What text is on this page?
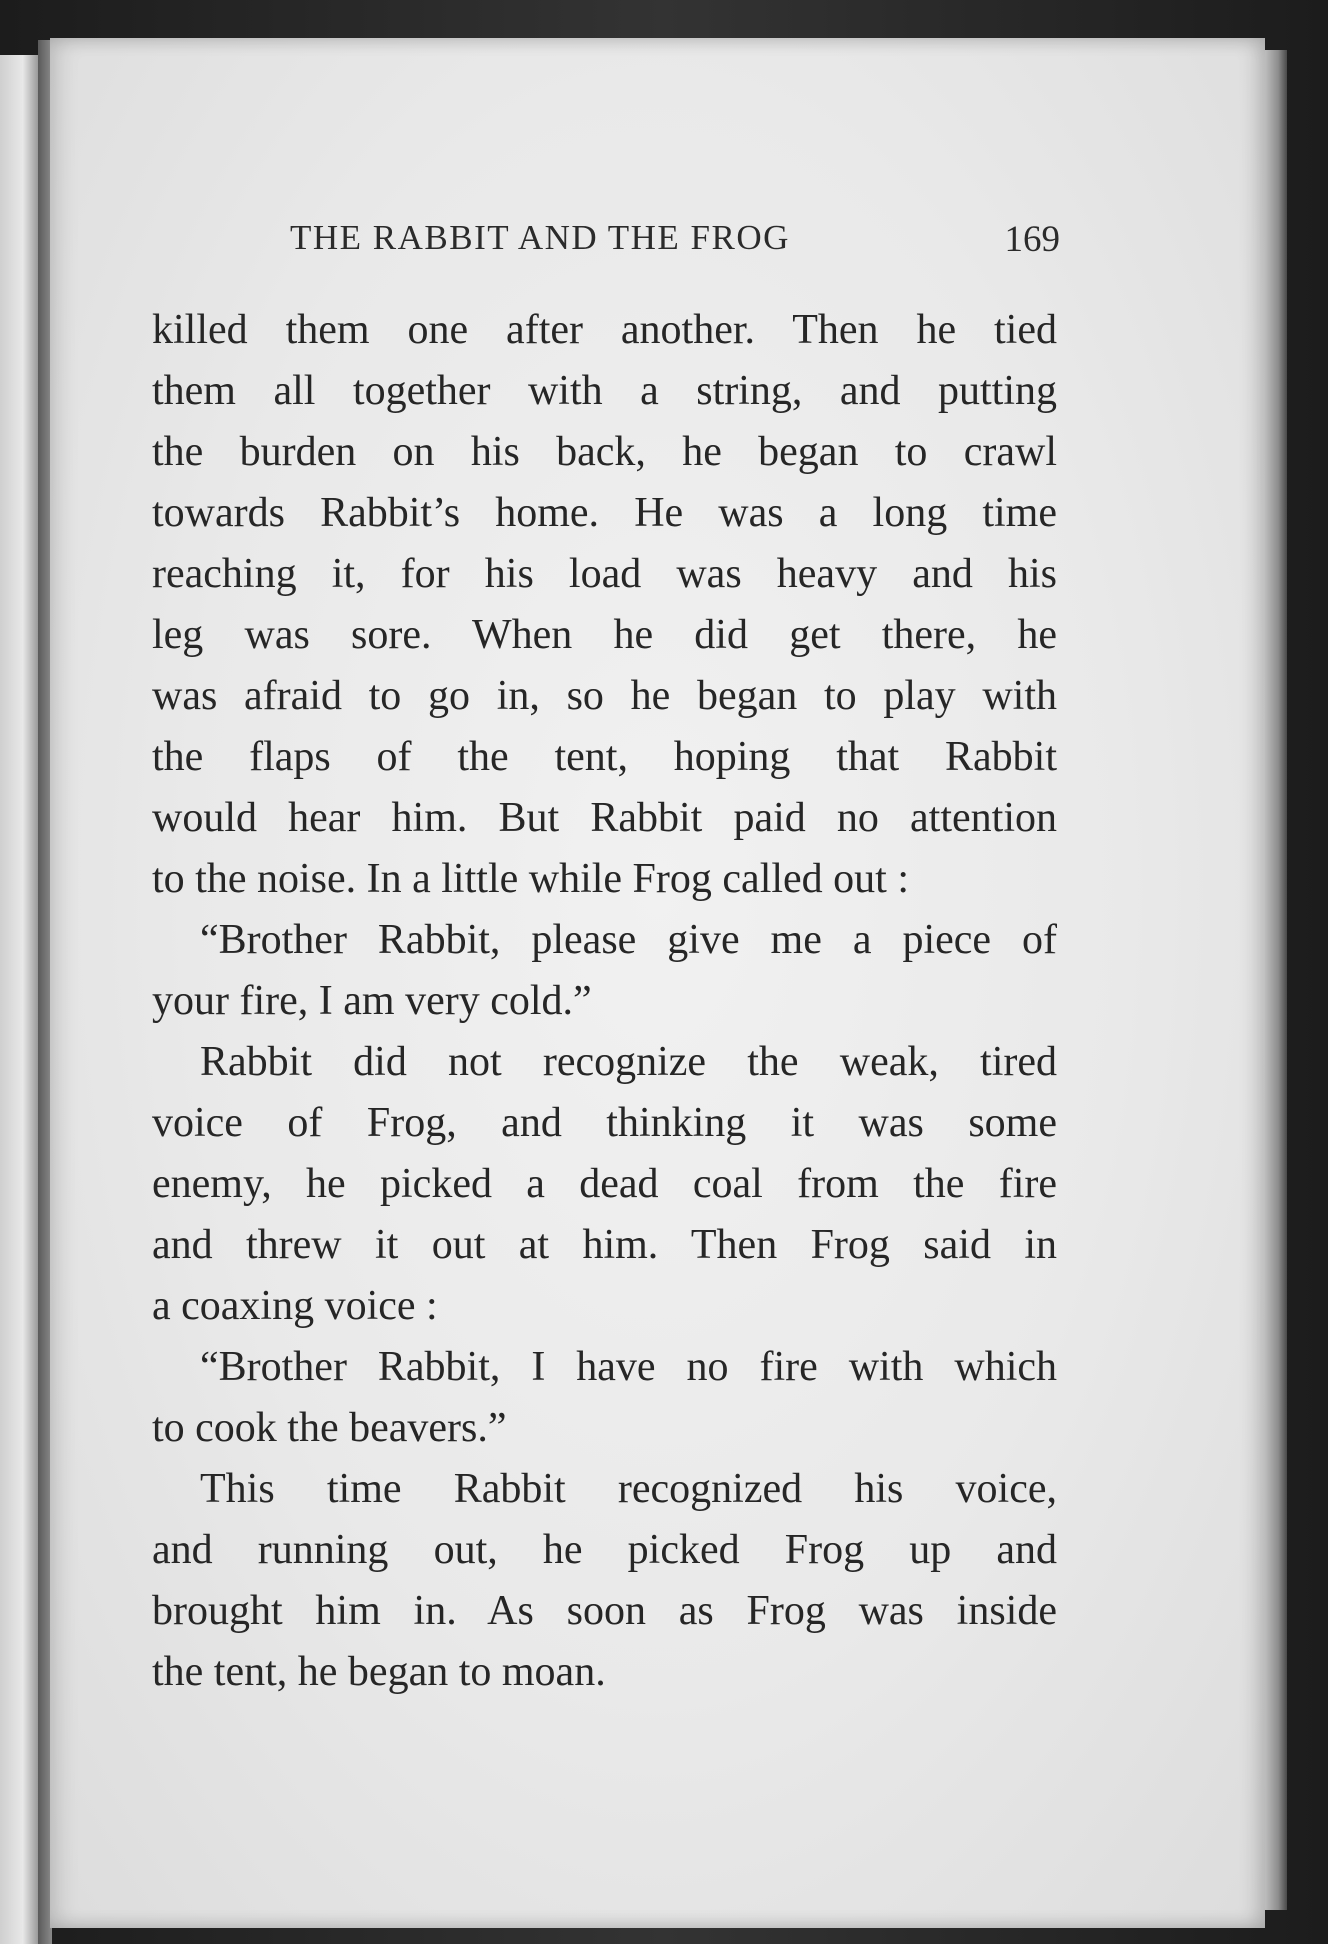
THE RABBIT AND THE FROG	169
killed them one after another. Then he tied
them all together with a string, and putting
the burden on his back, he began to crawl
towards Rabbit’s home. He was a long time
reaching it, for his load was heavy and his
leg was sore. When he did get there, he
was afraid to go in, so he began to play with
the flaps of the tent, hoping that Rabbit
would hear him. But Rabbit paid no attention
to the noise. In a little while Frog called out :
“Brother Rabbit, please give me a piece of
your fire, I am very cold.”
Rabbit did not recognize the weak, tired
voice of Frog, and thinking it was some
enemy, he picked a dead coal from the fire
and threw it out at him. Then Frog said in
a coaxing voice :
“Brother Rabbit, I have no fire with which
to cook the beavers.”
This time Rabbit recognized his voice,
and running out, he picked Frog up and
brought him in. As soon as Frog was inside
the tent, he began to moan.
